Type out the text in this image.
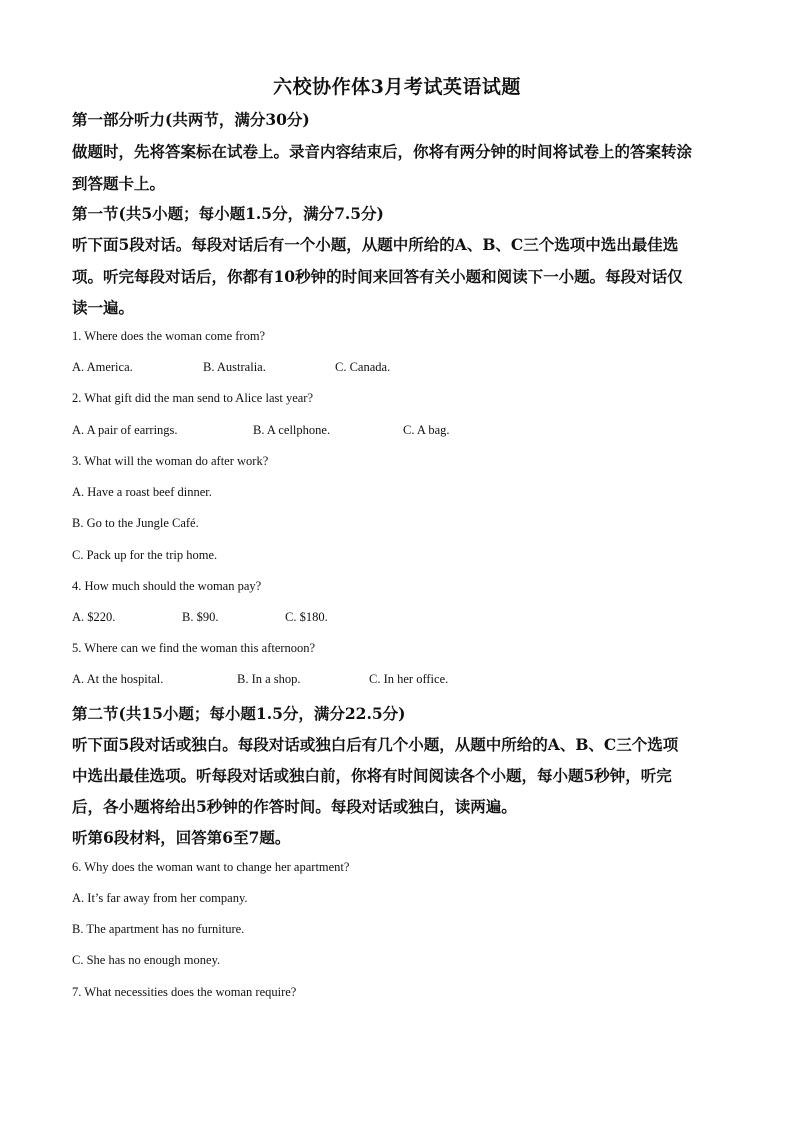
六校协作体3月考试英语试题
第一部分听力(共两节，满分30分)
做题时，先将答案标在试卷上。录音内容结束后，你将有两分钟的时间将试卷上的答案转涂
到答题卡上。
第一节(共5小题；每小题1.5分，满分7.5分)
听下面5段对话。每段对话后有一个小题，从题中所给的A、B、C三个选项中选出最佳选
项。听完每段对话后，你都有10秒钟的时间来回答有关小题和阅读下一小题。每段对话仅
读一遍。
1. Where does the woman come from?
A. America.	B. Australia.	C. Canada.
2. What gift did the man send to Alice last year?
A. A pair of earrings.	B. A cellphone.	C. A bag.
3. What will the woman do after work?
A. Have a roast beef dinner.
B. Go to the Jungle Café.
C. Pack up for the trip home.
4. How much should the woman pay?
A. $220.	B. $90.	C. $180.
5. Where can we find the woman this afternoon?
A. At the hospital.	B. In a shop.	C. In her office.
第二节(共15小题；每小题1.5分，满分22.5分)
听下面5段对话或独白。每段对话或独白后有几个小题，从题中所给的A、B、C三个选项
中选出最佳选项。听每段对话或独白前，你将有时间阅读各个小题，每小题5秒钟，听完
后，各小题将给出5秒钟的作答时间。每段对话或独白，读两遍。
听第6段材料，回答第6至7题。
6. Why does the woman want to change her apartment?
A. It’s far away from her company.
B. The apartment has no furniture.
C. She has no enough money.
7. What necessities does the woman require?
